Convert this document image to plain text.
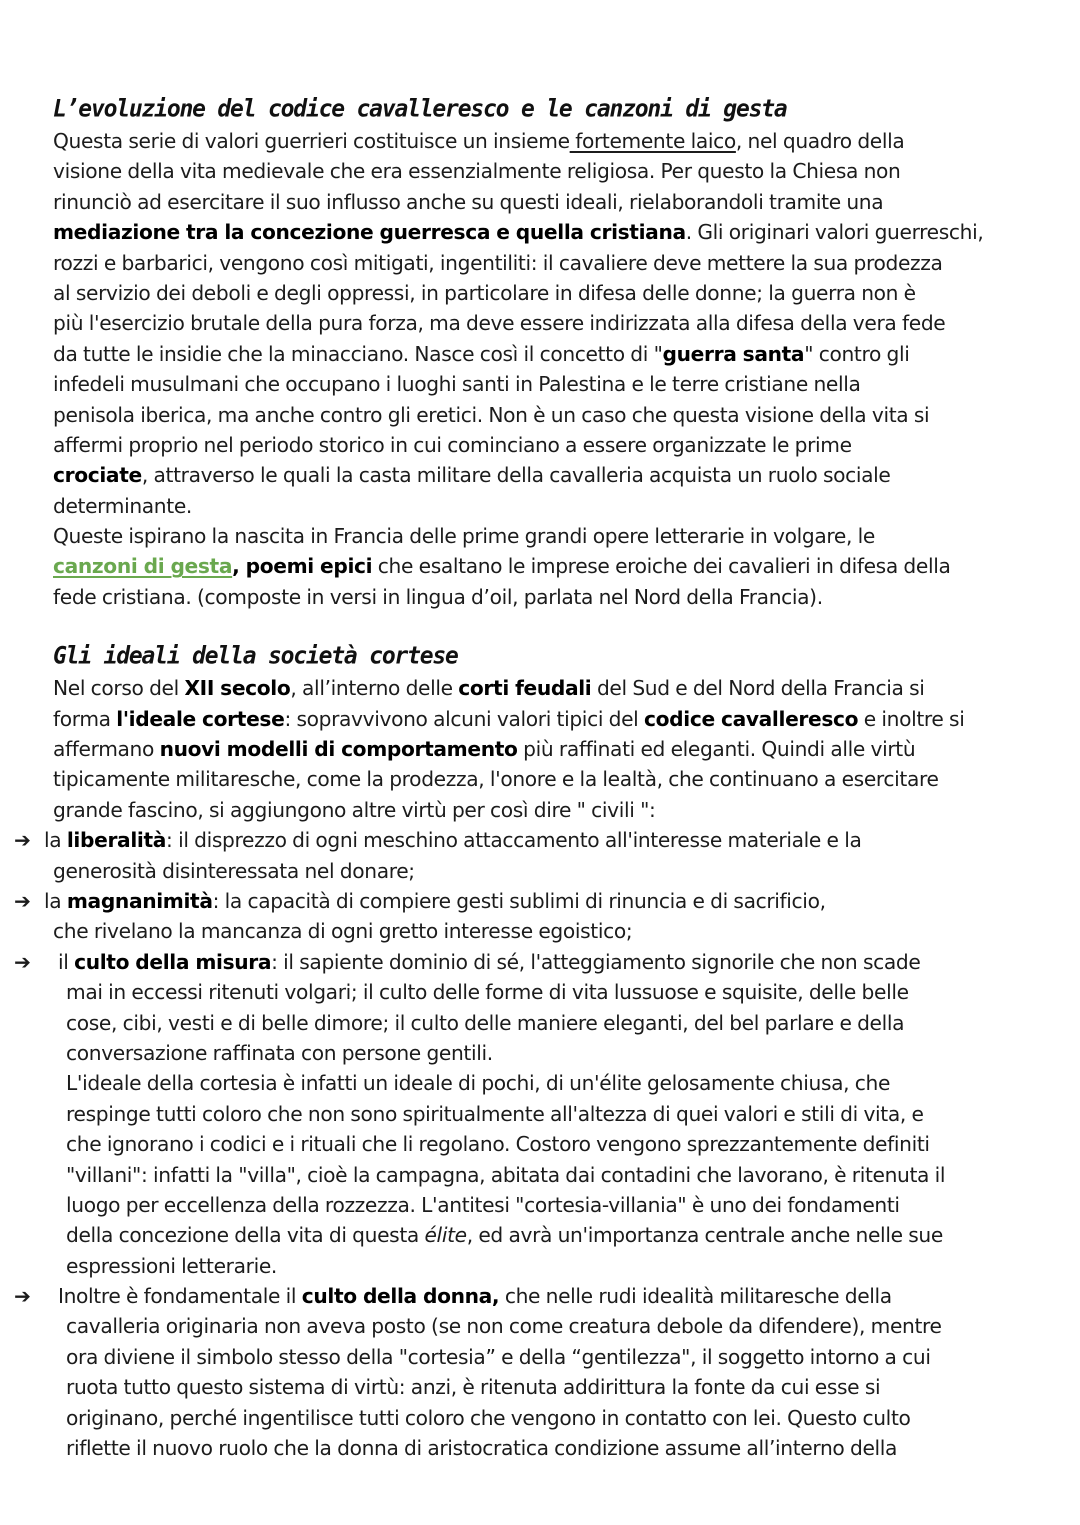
L’evoluzione del codice cavalleresco e le canzoni di gesta
Questa serie di valori guerrieri costituisce un insieme fortemente laico, nel quadro della
visione della vita medievale che era essenzialmente religiosa. Per questo la Chiesa non
rinunciò ad esercitare il suo influsso anche su questi ideali, rielaborandoli tramite una
mediazione tra la concezione guerresca e quella cristiana. Gli originari valori guerreschi,
rozzi e barbarici, vengono così mitigati, ingentiliti: il cavaliere deve mettere la sua prodezza
al servizio dei deboli e degli oppressi, in particolare in difesa delle donne; la guerra non è
più l'esercizio brutale della pura forza, ma deve essere indirizzata alla difesa della vera fede
da tutte le insidie che la minacciano. Nasce così il concetto di "guerra santa" contro gli
infedeli musulmani che occupano i luoghi santi in Palestina e le terre cristiane nella
penisola iberica, ma anche contro gli eretici. Non è un caso che questa visione della vita si
affermi proprio nel periodo storico in cui cominciano a essere organizzate le prime
crociate, attraverso le quali la casta militare della cavalleria acquista un ruolo sociale
determinante.
Queste ispirano la nascita in Francia delle prime grandi opere letterarie in volgare, le
canzoni di gesta, poemi epici che esaltano le imprese eroiche dei cavalieri in difesa della
fede cristiana. (composte in versi in lingua d’oil, parlata nel Nord della Francia).
Gli ideali della società cortese
Nel corso del XII secolo, all’interno delle corti feudali del Sud e del Nord della Francia si
forma l'ideale cortese: sopravvivono alcuni valori tipici del codice cavalleresco e inoltre si
affermano nuovi modelli di comportamento più raffinati ed eleganti. Quindi alle virtù
tipicamente militaresche, come la prodezza, l'onore e la lealtà, che continuano a esercitare
grande fascino, si aggiungono altre virtù per così dire " civili ":
➔ la liberalità: il disprezzo di ogni meschino attaccamento all'interesse materiale e la
generosità disinteressata nel donare;
➔ la magnanimità: la capacità di compiere gesti sublimi di rinuncia e di sacrificio,
che rivelano la mancanza di ogni gretto interesse egoistico;
➔ il culto della misura: il sapiente dominio di sé, l'atteggiamento signorile che non scade
mai in eccessi ritenuti volgari; il culto delle forme di vita lussuose e squisite, delle belle
cose, cibi, vesti e di belle dimore; il culto delle maniere eleganti, del bel parlare e della
conversazione raffinata con persone gentili.
L'ideale della cortesia è infatti un ideale di pochi, di un'élite gelosamente chiusa, che
respinge tutti coloro che non sono spiritualmente all'altezza di quei valori e stili di vita, e
che ignorano i codici e i rituali che li regolano. Costoro vengono sprezzantemente definiti
"villani": infatti la "villa", cioè la campagna, abitata dai contadini che lavorano, è ritenuta il
luogo per eccellenza della rozzezza. L'antitesi "cortesia-villania" è uno dei fondamenti
della concezione della vita di questa élite, ed avrà un'importanza centrale anche nelle sue
espressioni letterarie.
➔ Inoltre è fondamentale il culto della donna, che nelle rudi idealità militaresche della
cavalleria originaria non aveva posto (se non come creatura debole da difendere), mentre
ora diviene il simbolo stesso della "cortesia” e della “gentilezza", il soggetto intorno a cui
ruota tutto questo sistema di virtù: anzi, è ritenuta addirittura la fonte da cui esse si
originano, perché ingentilisce tutti coloro che vengono in contatto con lei. Questo culto
riflette il nuovo ruolo che la donna di aristocratica condizione assume all’interno della
